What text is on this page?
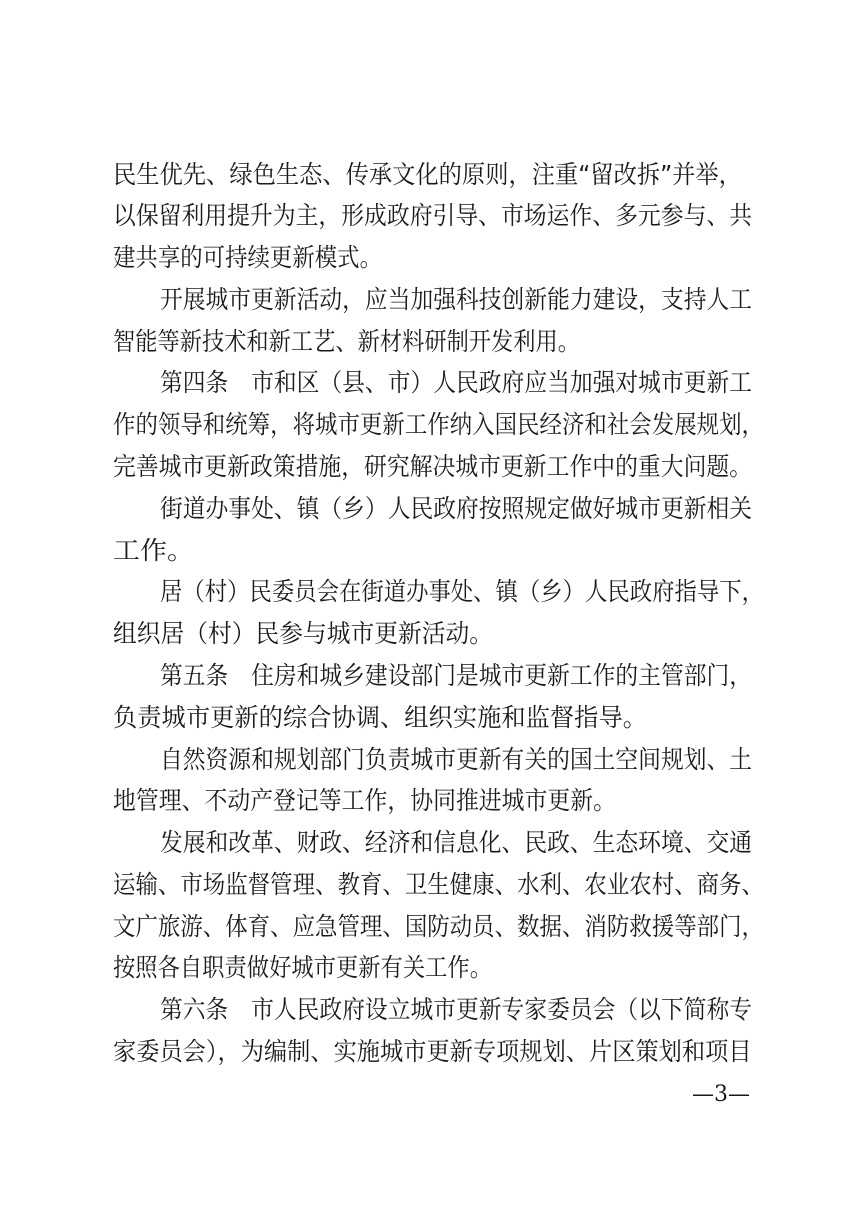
民生优先、绿色生态、传承文化的原则，注重“留改拆”并举，

以保留利用提升为主，形成政府引导、市场运作、多元参与、共

建共享的可持续更新模式。

开展城市更新活动，应当加强科技创新能力建设，支持人工

智能等新技术和新工艺、新材料研制开发利用。

第四条　市和区（县、市）人民政府应当加强对城市更新工

作的领导和统筹，将城市更新工作纳入国民经济和社会发展规划，

完善城市更新政策措施，研究解决城市更新工作中的重大问题。

街道办事处、镇（乡）人民政府按照规定做好城市更新相关

工作。

居（村）民委员会在街道办事处、镇（乡）人民政府指导下，

组织居（村）民参与城市更新活动。

第五条　住房和城乡建设部门是城市更新工作的主管部门，

负责城市更新的综合协调、组织实施和监督指导。

自然资源和规划部门负责城市更新有关的国土空间规划、土

地管理、不动产登记等工作，协同推进城市更新。

发展和改革、财政、经济和信息化、民政、生态环境、交通

运输、市场监督管理、教育、卫生健康、水利、农业农村、商务、

文广旅游、体育、应急管理、国防动员、数据、消防救援等部门，

按照各自职责做好城市更新有关工作。

第六条　市人民政府设立城市更新专家委员会（以下简称专

家委员会），为编制、实施城市更新专项规划、片区策划和项目

—3—
